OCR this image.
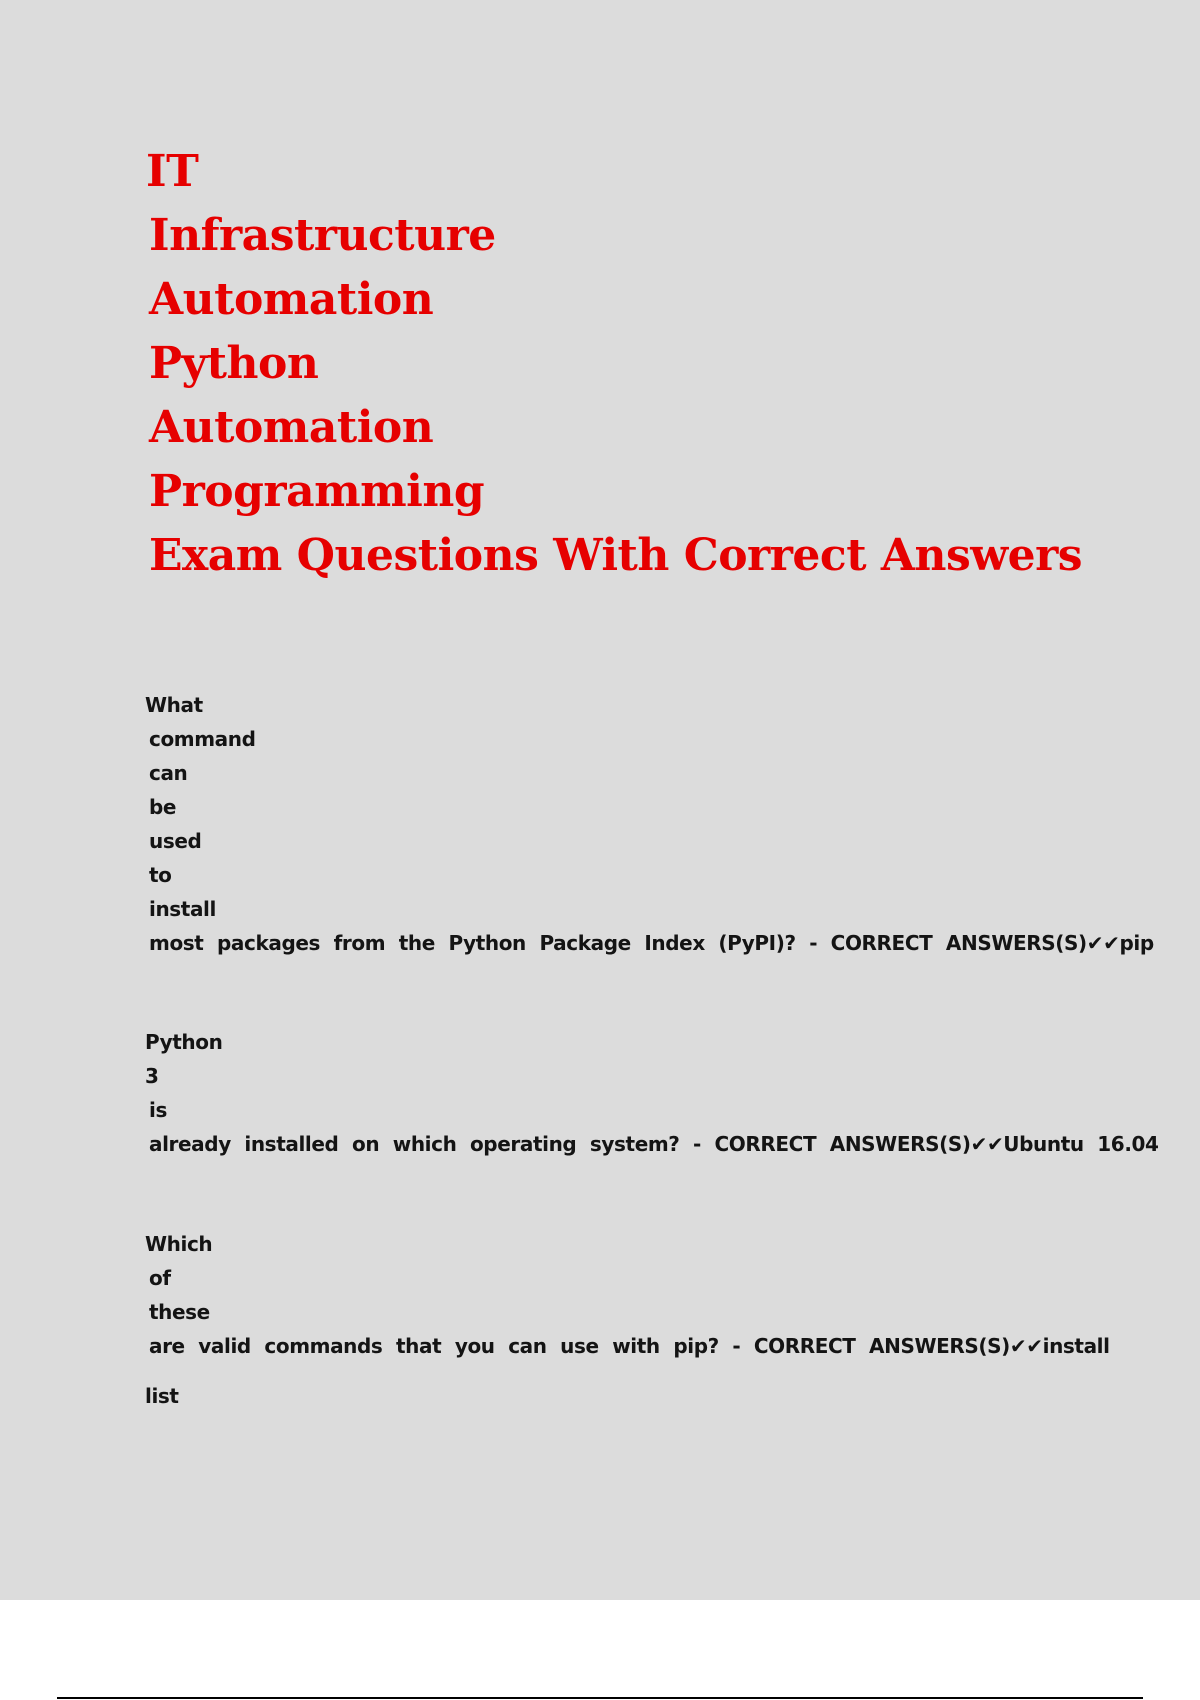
IT
Infrastructure
Automation
Python
Automation
Programming
Exam Questions With Correct Answers
What
command
can
be
used
to
install
most packages from the Python Package Index (PyPI)? - CORRECT ANSWERS(S)✔✔pip
Python
3
is
already installed on which operating system? - CORRECT ANSWERS(S)✔✔Ubuntu 16.04
Which
of
these
are valid commands that you can use with pip? - CORRECT ANSWERS(S)✔✔install
list
